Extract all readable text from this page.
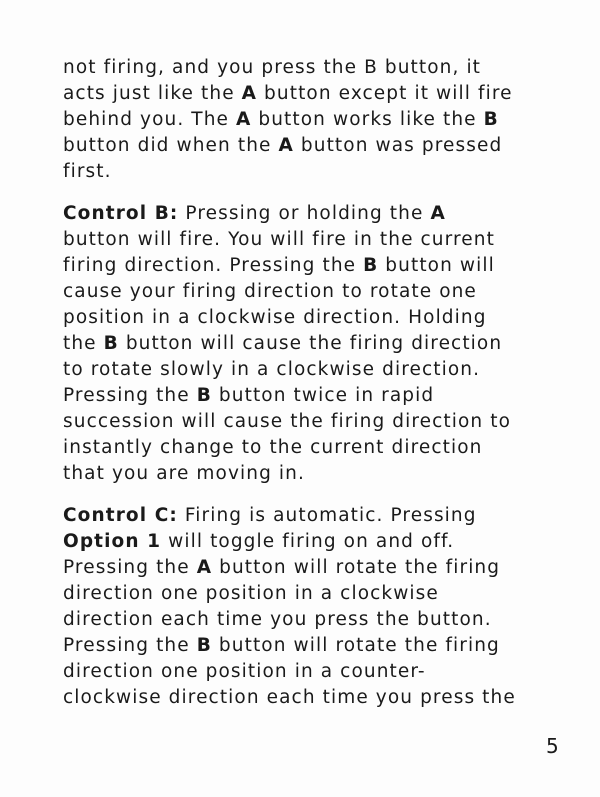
not firing, and you press the B button, it
acts just like the A button except it will fire
behind you. The A button works like the B
button did when the A button was pressed
first.

Control B: Pressing or holding the A
button will fire. You will fire in the current
firing direction. Pressing the B button will
cause your firing direction to rotate one
position in a clockwise direction. Holding
the B button will cause the firing direction
to rotate slowly in a clockwise direction.
Pressing the B button twice in rapid
succession will cause the firing direction to
instantly change to the current direction
that you are moving in.

Control C: Firing is automatic. Pressing
Option 1 will toggle firing on and off.
Pressing the A button will rotate the firing
direction one position in a clockwise
direction each time you press the button.
Pressing the B button will rotate the firing
direction one position in a counter-
clockwise direction each time you press the

5
